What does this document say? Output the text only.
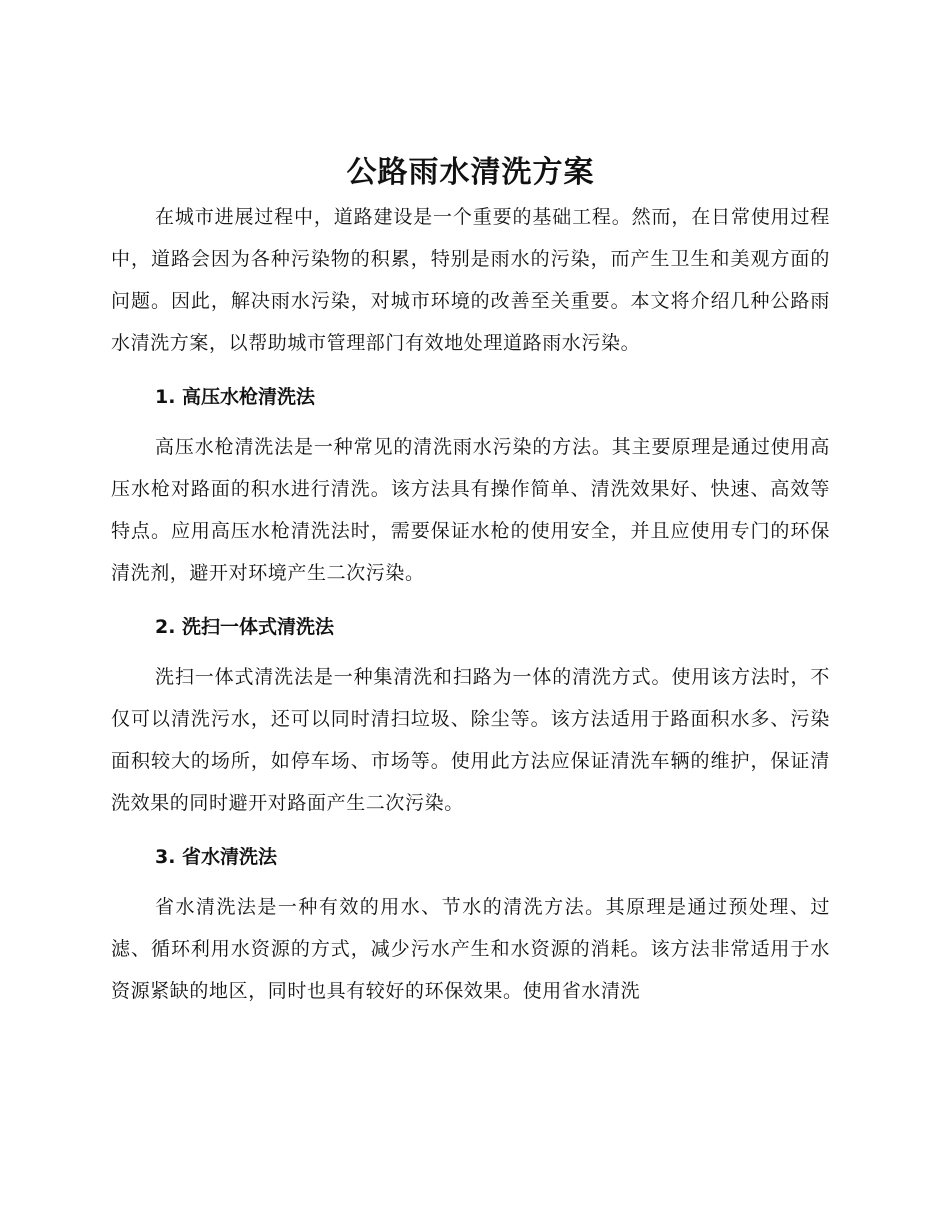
公路雨水清洗方案

在城市进展过程中，道路建设是一个重要的基础工程。然而，在日常使用过程中，道路会因为各种污染物的积累，特别是雨水的污染，而产生卫生和美观方面的问题。因此，解决雨水污染，对城市环境的改善至关重要。本文将介绍几种公路雨水清洗方案，以帮助城市管理部门有效地处理道路雨水污染。

1. 高压水枪清洗法

高压水枪清洗法是一种常见的清洗雨水污染的方法。其主要原理是通过使用高压水枪对路面的积水进行清洗。该方法具有操作简单、清洗效果好、快速、高效等特点。应用高压水枪清洗法时，需要保证水枪的使用安全，并且应使用专门的环保清洗剂，避开对环境产生二次污染。

2. 洗扫一体式清洗法

洗扫一体式清洗法是一种集清洗和扫路为一体的清洗方式。使用该方法时，不仅可以清洗污水，还可以同时清扫垃圾、除尘等。该方法适用于路面积水多、污染面积较大的场所，如停车场、市场等。使用此方法应保证清洗车辆的维护，保证清洗效果的同时避开对路面产生二次污染。

3. 省水清洗法

省水清洗法是一种有效的用水、节水的清洗方法。其原理是通过预处理、过滤、循环利用水资源的方式，减少污水产生和水资源的消耗。该方法非常适用于水资源紧缺的地区，同时也具有较好的环保效果。使用省水清洗
